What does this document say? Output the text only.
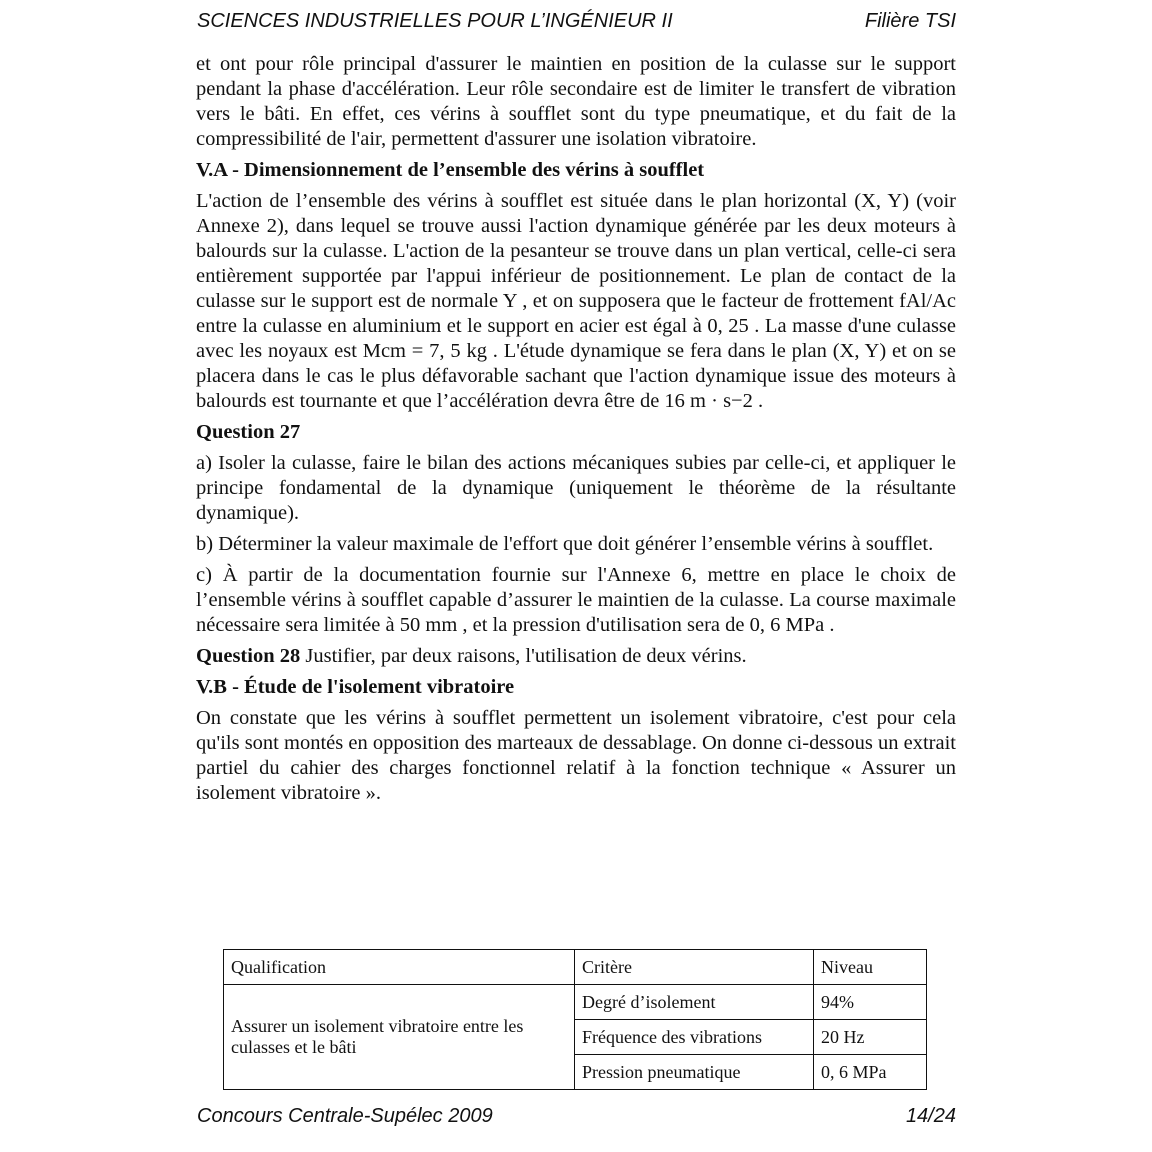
SCIENCES INDUSTRIELLES POUR L’INGÉNIEUR II	Filière TSI

et ont pour rôle principal d'assurer le maintien en position de la culasse sur le support pendant la phase d'accélération. Leur rôle secondaire est de limiter le transfert de vibration vers le bâti. En effet, ces vérins à soufflet sont du type pneumatique, et du fait de la compressibilité de l'air, permettent d'assurer une isolation vibratoire.

V.A - Dimensionnement de l’ensemble des vérins à soufflet

L'action de l’ensemble des vérins à soufflet est située dans le plan horizontal (X, Y) (voir Annexe 2), dans lequel se trouve aussi l'action dynamique générée par les deux moteurs à balourds sur la culasse. L'action de la pesanteur se trouve dans un plan vertical, celle-ci sera entièrement supportée par l'appui inférieur de positionnement. Le plan de contact de la culasse sur le support est de normale Y , et on supposera que le facteur de frottement fAl/Ac entre la culasse en aluminium et le support en acier est égal à 0, 25 . La masse d'une culasse avec les noyaux est Mcm = 7, 5 kg . L'étude dynamique se fera dans le plan (X, Y) et on se placera dans le cas le plus défavorable sachant que l'action dynamique issue des moteurs à balourds est tournante et que l’accélération devra être de 16 m · s−2 .

Question 27

a) Isoler la culasse, faire le bilan des actions mécaniques subies par celle-ci, et appliquer le principe fondamental de la dynamique (uniquement le théorème de la résultante dynamique).

b) Déterminer la valeur maximale de l'effort que doit générer l’ensemble vérins à soufflet.

c) À partir de la documentation fournie sur l'Annexe 6, mettre en place le choix de l’ensemble vérins à soufflet capable d’assurer le maintien de la culasse. La course maximale nécessaire sera limitée à 50 mm , et la pression d'utilisation sera de 0, 6 MPa .

Question 28 Justifier, par deux raisons, l'utilisation de deux vérins.

V.B - Étude de l'isolement vibratoire

On constate que les vérins à soufflet permettent un isolement vibratoire, c'est pour cela qu'ils sont montés en opposition des marteaux de dessablage. On donne ci-dessous un extrait partiel du cahier des charges fonctionnel relatif à la fonction technique « Assurer un isolement vibratoire ».

Qualification	Critère	Niveau
Assurer un isolement vibratoire entre les culasses et le bâti	Degré d’isolement	94%
	Fréquence des vibrations	20 Hz
	Pression pneumatique	0, 6 MPa
Concours Centrale-Supélec 2009	14/24
